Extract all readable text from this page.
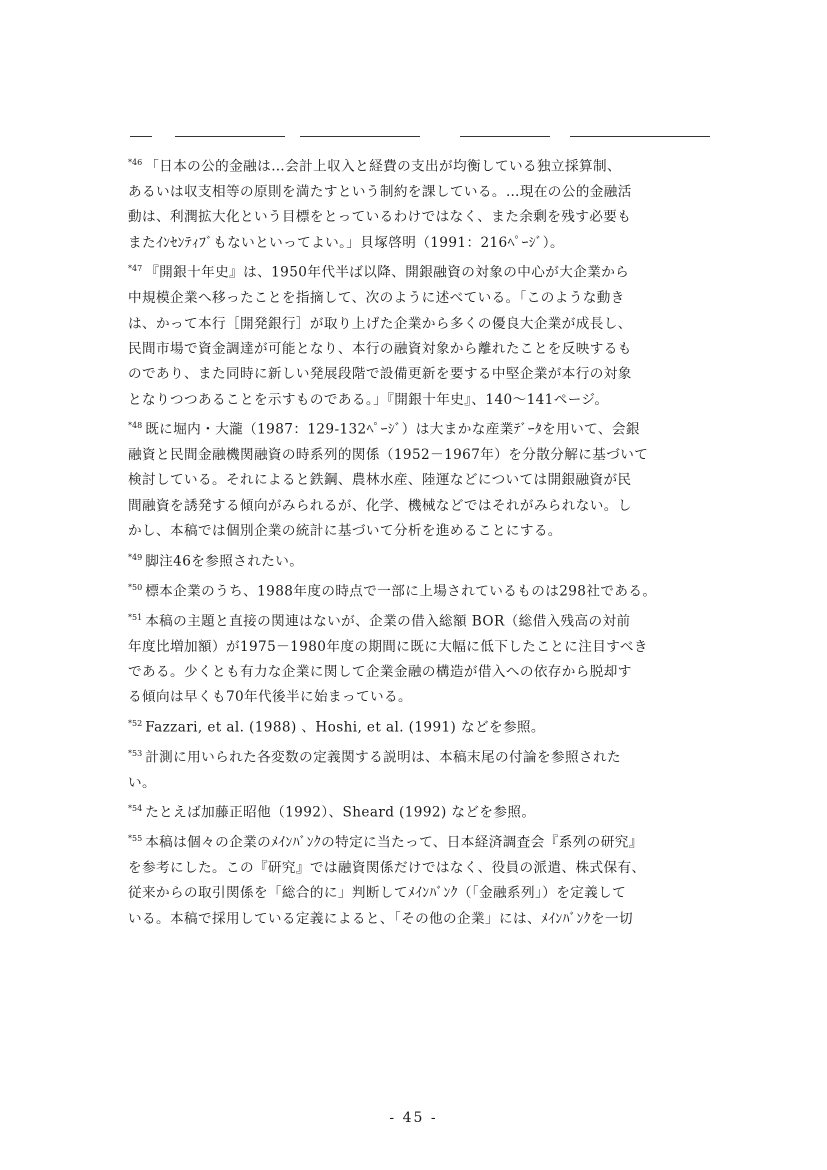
$^{*46}$ 「日本の公的金融は…会計上収入と経費の支出が均衡している独立採算制、
あるいは収支相等の原則を満たすという制約を課している。…現在の公的金融活
動は、利潤拡大化という目標をとっているわけではなく、また余剰を残す必要も
またｲﾝｾﾝﾃｨﾌﾞもないといってよい。」貝塚啓明（1991：216ﾍﾟｰｼﾞ）。

$^{*47}$ 『開銀十年史』は、1950年代半ば以降、開銀融資の対象の中心が大企業から
中規模企業へ移ったことを指摘して、次のように述べている。「このような動き
は、かって本行［開発銀行］が取り上げた企業から多くの優良大企業が成長し、
民間市場で資金調達が可能となり、本行の融資対象から離れたことを反映するも
のであり、また同時に新しい発展段階で設備更新を要する中堅企業が本行の対象
となりつつあることを示すものである。」『開銀十年史』、140～141ページ。

$^{*48}$ 既に堀内・大瀧（1987：129-132ﾍﾟｰｼﾞ）は大まかな産業ﾃﾞｰﾀを用いて、会銀
融資と民間金融機関融資の時系列的関係（1952－1967年）を分散分解に基づいて
検討している。それによると鉄鋼、農林水産、陸運などについては開銀融資が民
間融資を誘発する傾向がみられるが、化学、機械などではそれがみられない。し
かし、本稿では個別企業の統計に基づいて分析を進めることにする。

$^{*49}$ 脚注46を参照されたい。

$^{*50}$ 標本企業のうち、1988年度の時点で一部に上場されているものは298社である。

$^{*51}$ 本稿の主題と直接の関連はないが、企業の借入総額 BOR（総借入残高の対前
年度比増加額）が1975－1980年度の期間に既に大幅に低下したことに注目すべき
である。少くとも有力な企業に関して企業金融の構造が借入への依存から脱却す
る傾向は早くも70年代後半に始まっている。

$^{*52}$ Fazzari, et al. (1988) 、Hoshi, et al. (1991) などを参照。

$^{*53}$ 計測に用いられた各変数の定義関する説明は、本稿末尾の付論を参照された
い。

$^{*54}$ たとえば加藤正昭他（1992）、Sheard (1992) などを参照。

$^{*55}$ 本稿は個々の企業のﾒｲﾝﾊﾞﾝｸの特定に当たって、日本経済調査会『系列の研究』
を参考にした。この『研究』では融資関係だけではなく、役員の派遣、株式保有、
従来からの取引関係を「総合的に」判断してﾒｲﾝﾊﾞﾝｸ（「金融系列」）を定義して
いる。本稿で採用している定義によると、「その他の企業」には、ﾒｲﾝﾊﾞﾝｸを一切

- 45 -
